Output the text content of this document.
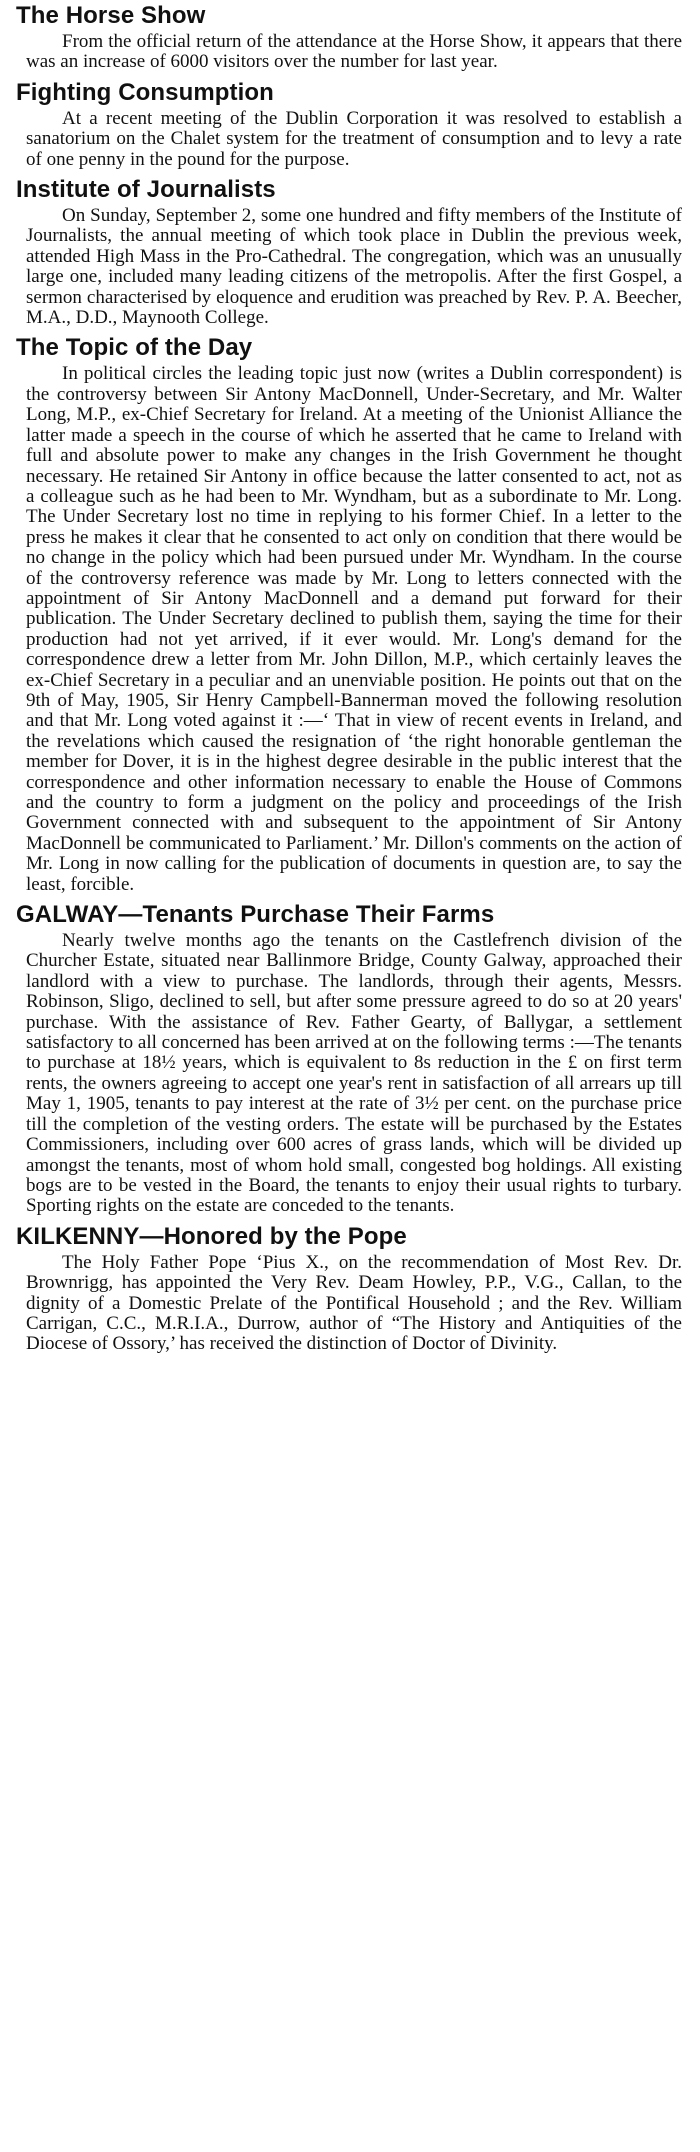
The Horse Show

From the official return of the attendance at the Horse Show, it appears that there was an increase of 6000 visitors over the number for last year.

Fighting Consumption

At a recent meeting of the Dublin Corporation it was resolved to establish a sanatorium on the Chalet system for the treatment of consumption and to levy a rate of one penny in the pound for the purpose.

Institute of Journalists

On Sunday, September 2, some one hundred and fifty members of the Institute of Journalists, the annual meeting of which took place in Dublin the previous week, attended High Mass in the Pro-Cathedral. The congregation, which was an unusually large one, included many leading citizens of the metropolis. After the first Gospel, a sermon characterised by eloquence and erudition was preached by Rev. P. A. Beecher, M.A., D.D., Maynooth College.

The Topic of the Day

In political circles the leading topic just now (writes a Dublin correspondent) is the controversy between Sir Antony MacDonnell, Under-Secretary, and Mr. Walter Long, M.P., ex-Chief Secretary for Ireland. At a meeting of the Unionist Alliance the latter made a speech in the course of which he asserted that he came to Ireland with full and absolute power to make any changes in the Irish Government he thought necessary. He retained Sir Antony in office because the latter consented to act, not as a colleague such as he had been to Mr. Wyndham, but as a subordinate to Mr. Long. The Under Secretary lost no time in replying to his former Chief. In a letter to the press he makes it clear that he consented to act only on condition that there would be no change in the policy which had been pursued under Mr. Wyndham. In the course of the controversy reference was made by Mr. Long to letters connected with the appointment of Sir Antony MacDonnell and a demand put forward for their publication. The Under Secretary declined to publish them, saying the time for their production had not yet arrived, if it ever would. Mr. Long's demand for the correspondence drew a letter from Mr. John Dillon, M.P., which certainly leaves the ex-Chief Secretary in a peculiar and an unenviable position. He points out that on the 9th of May, 1905, Sir Henry Campbell-Bannerman moved the following resolution and that Mr. Long voted against it :—‘ That in view of recent events in Ireland, and the revelations which caused the resignation of ‘the right honorable gentleman the member for Dover, it is in the highest degree desirable in the public interest that the correspondence and other information necessary to enable the House of Commons and the country to form a judgment on the policy and proceedings of the Irish Government connected with and subsequent to the appointment of Sir Antony MacDonnell be communicated to Parliament.’ Mr. Dillon's comments on the action of Mr. Long in now calling for the publication of documents in question are, to say the least, forcible.

GALWAY—Tenants Purchase Their Farms

Nearly twelve months ago the tenants on the Castlefrench division of the Churcher Estate, situated near Ballinmore Bridge, County Galway, approached their landlord with a view to purchase. The landlords, through their agents, Messrs. Robinson, Sligo, declined to sell, but after some pressure agreed to do so at 20 years' purchase. With the assistance of Rev. Father Gearty, of Ballygar, a settlement satisfactory to all concerned has been arrived at on the following terms :—The tenants to purchase at 18½ years, which is equivalent to 8s reduction in the £ on first term rents, the owners agreeing to accept one year's rent in satisfaction of all arrears up till May 1, 1905, tenants to pay interest at the rate of 3½ per cent. on the purchase price till the completion of the vesting orders. The estate will be purchased by the Estates Commissioners, including over 600 acres of grass lands, which will be divided up amongst the tenants, most of whom hold small, congested bog holdings. All existing bogs are to be vested in the Board, the tenants to enjoy their usual rights to turbary. Sporting rights on the estate are conceded to the tenants.

KILKENNY—Honored by the Pope

The Holy Father Pope ‘Pius X., on the recommendation of Most Rev. Dr. Brownrigg, has appointed the Very Rev. Deam Howley, P.P., V.G., Callan, to the dignity of a Domestic Prelate of the Pontifical Household ; and the Rev. William Carrigan, C.C., M.R.I.A., Durrow, author of “The History and Antiquities of the Diocese of Ossory,’ has received the distinction of Doctor of Divinity.
